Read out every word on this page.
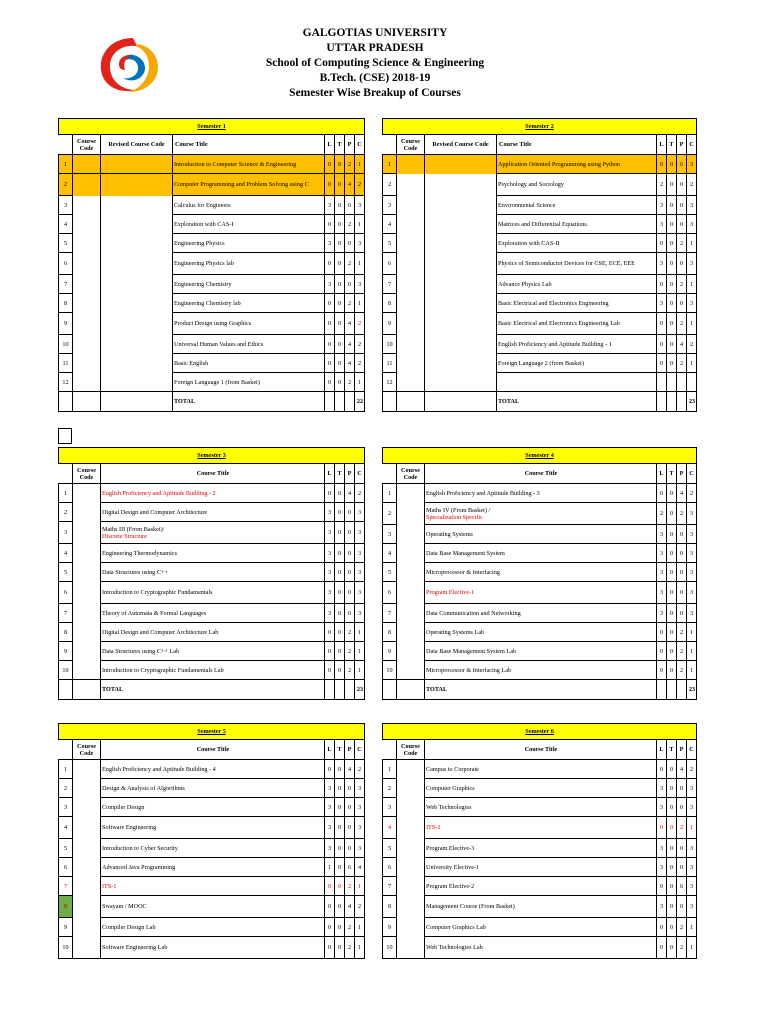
GALGOTIAS UNIVERSITY
UTTAR PRADESH
School of Computing Science & Engineering
B.Tech. (CSE) 2018-19
Semester Wise Breakup of Courses
Semester 1							
	Course Code	Revised Course Code	Course Title	L	T	P	C
1			Introduction to Computer Science & Engineering	0	0	2	1
2			Computer Programming and Problem Solving using C	0	0	4	2
3			Calculus for Engineers	3	0	0	3
4			Exploration with CAS-I	0	0	2	1
5			Engineering Physics	3	0	0	3
6			Engineering Physics lab	0	0	2	1
7			Engineering Chemistry	3	0	0	3
8			Engineering Chemistry lab	0	0	2	1
9			Product Design using Graphics	0	0	4	2
10			Universal Human Values and Ethics	0	0	4	2
11			Basic English	0	0	4	2
12			Foreign Language 1 (from Basket)	0	0	2	1
			TOTAL				22
Semester 2							
	Course Code	Revised Course Code	Course Title	L	T	P	C
1			Application Oriented Programming using Python	0	0	6	3
2			Psychology and Sociology	2	0	0	2
3			Environmental Science	3	0	0	3
4			Matrices and Differential Equations.	3	0	0	3
5			Exploration with CAS-II	0	0	2	1
6			Physics of Semiconductor Devices for CSE, ECE, EEE	3	0	0	3
7			Advance Physics Lab	0	0	2	1
8			Basic Electrical and Electronics Engineering	3	0	0	3
9			Basic Electrical and Electronics Engineering Lab	0	0	2	1
10			English Proficiency and Aptitude Building - 1	0	0	4	2
11			Foreign Language 2 (from Basket)	0	0	2	1
12							
			TOTAL				23
Semester 3						
	Course Code	Course Title	L	T	P	C
1		English Proficiency and Aptitude Building - 2	0	0	4	2
2		Digital Design and Computer Architecture	3	0	0	3
3		Maths III (From Basket)/
Discrete Structure	3	0	0	3
4		Engineering Thermodynamics	3	0	0	3
5		Data Structures using C++	3	0	0	3
6		Introduction to Cryptographic Fundamentals	3	0	0	3
7		Theory of Automata & Formal Languages	3	0	0	3
8		Digital Design and Computer Architecture Lab	0	0	2	1
9		Data Structures using C++ Lab	0	0	2	1
10		Introduction to Cryptographic Fundamentals Lab	0	0	2	1
		TOTAL				23
Semester 4						
	Course Code	Course Title	L	T	P	C
1		English Proficiency and Aptitude Building - 3	0	0	4	2
2		Maths IV (From Basket) /
Specialization Specific	2	0	2	3
3		Operating Systems	3	0	0	3
4		Data Base Management System	3	0	0	3
5		Microprocessor & Interfacing	3	0	0	3
6		Program Elective-1	3	0	0	3
7		Data Communication and Networking	3	0	0	3
8		Operating Systems Lab	0	0	2	1
9		Data Base Management System Lab	0	0	2	1
10		Microprocessor & Interfacing Lab	0	0	2	1
		TOTAL				23
Semester 5						
	Course Code	Course Title	L	T	P	C
1		English Proficiency and Aptitude Building - 4	0	0	4	2
2		Design & Analysis of Algorithms	3	0	0	3
3		Compiler Design	3	0	0	3
4		Software Engineering	3	0	0	3
5		Introduction to Cyber Security	3	0	0	3
6		Advanced Java Programming	1	0	6	4
7		ITS-1	0	0	2	1
8		Swayam / MOOC	0	0	4	2
9		Compiler Design Lab	0	0	2	1
10		Software Engineering Lab	0	0	2	1
Semester 6						
	Course Code	Course Title	L	T	P	C
1		Campus to Corporate	0	0	4	2
2		Computer Graphics	3	0	0	3
3		Web Technologies	3	0	0	3
4		ITS-2	0	0	2	1
5		Program Elective-3	3	0	0	3
6		University Elective-1	3	0	0	3
7		Program Elective-2	0	0	6	3
8		Management Course (From Basket)	3	0	0	3
9		Computer Graphics Lab	0	0	2	1
10		Web Technologies Lab	0	0	2	1
